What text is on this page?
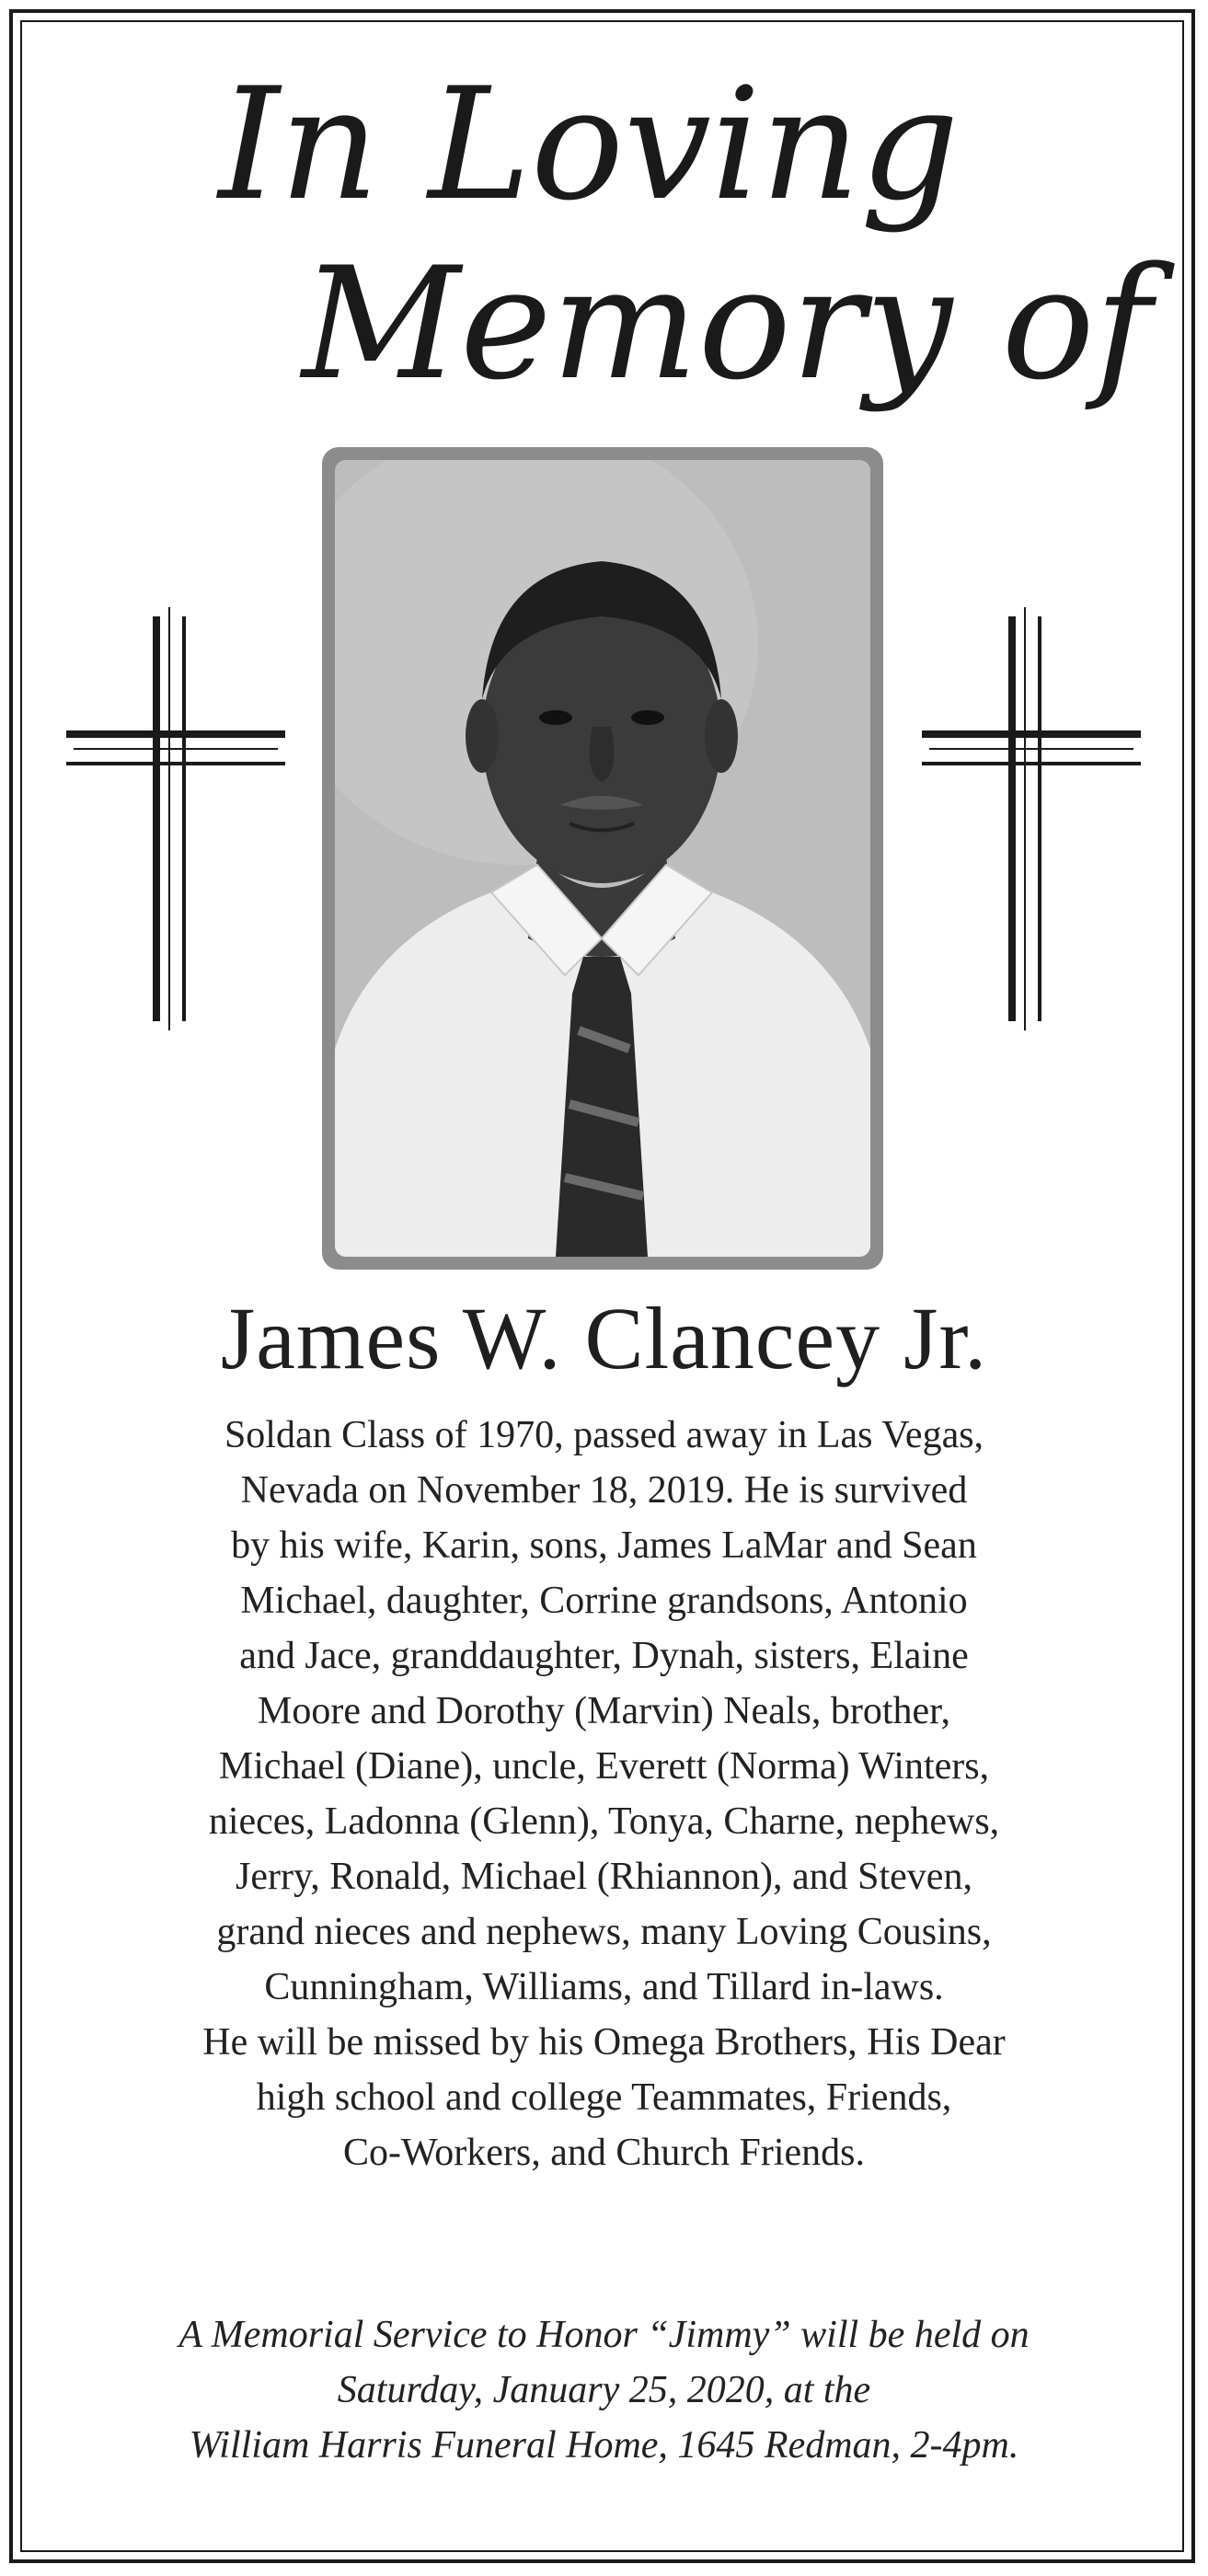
In Loving
Memory of
James W. Clancey Jr.
Soldan Class of 1970, passed away in Las Vegas,
Nevada on November 18, 2019. He is survived
by his wife, Karin, sons, James LaMar and Sean
Michael, daughter, Corrine grandsons, Antonio
and Jace, granddaughter, Dynah, sisters, Elaine
Moore and Dorothy (Marvin) Neals, brother,
Michael (Diane), uncle, Everett (Norma) Winters,
nieces, Ladonna (Glenn), Tonya, Charne, nephews,
Jerry, Ronald, Michael (Rhiannon), and Steven,
grand nieces and nephews, many Loving Cousins,
Cunningham, Williams, and Tillard in-laws.
He will be missed by his Omega Brothers, His Dear
high school and college Teammates, Friends,
Co-Workers, and Church Friends.
A Memorial Service to Honor “Jimmy” will be held on
Saturday, January 25, 2020, at the
William Harris Funeral Home, 1645 Redman, 2-4pm.
